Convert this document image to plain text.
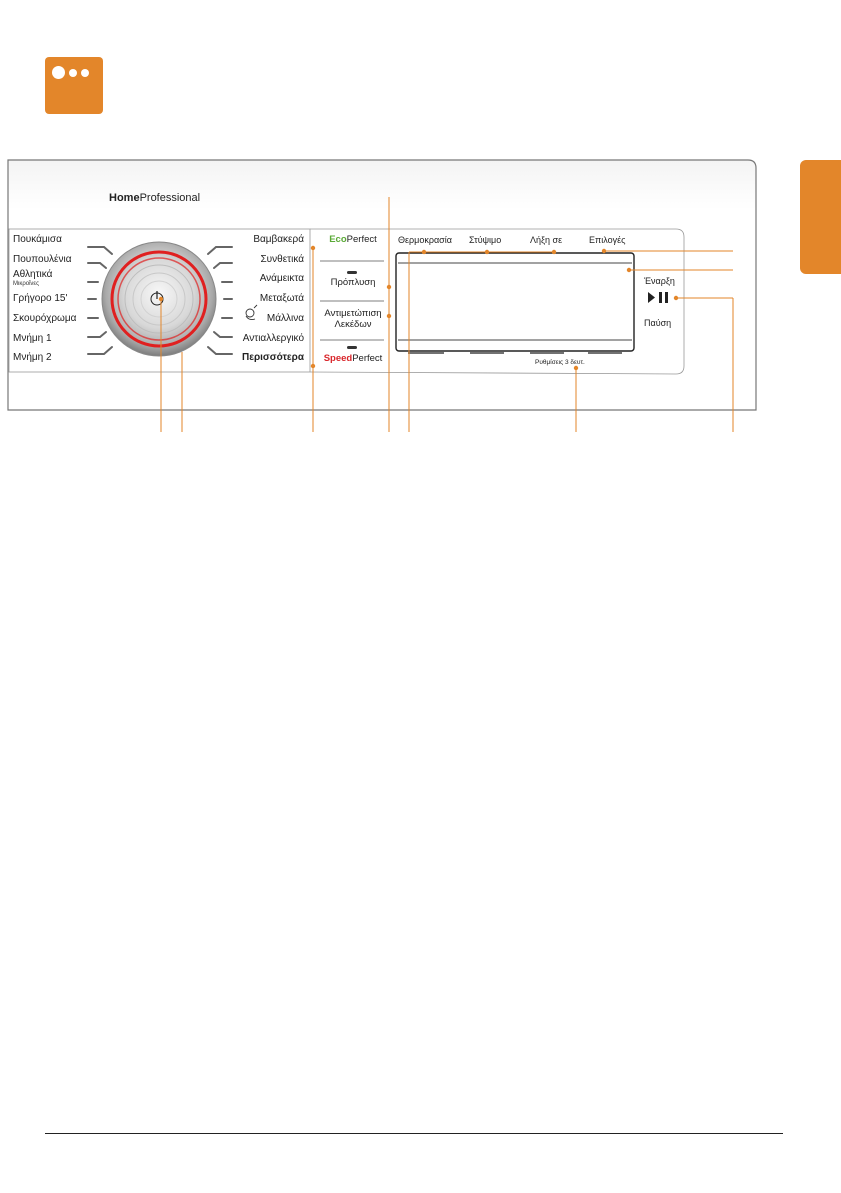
HomeProfessional
Πουκάμισα
Πουπουλένια
Αθλητικά
Μικροΐνες
Γρήγορο 15'
Σκουρόχρωμα
Μνήμη 1
Μνήμη 2
Βαμβακερά
Συνθετικά
Ανάμεικτα
Μεταξωτά
Μάλλινα
Αντιαλλεργικό
Περισσότερα
EcoPerfect
Πρόπλυση
Αντιμετώπιση
Λεκέδων
SpeedPerfect
Θερμοκρασία Στύψιμο	Λήξη σε	Επιλογές
Ρυθμίσεις 3 δευτ.
Έναρξη
Παύση
